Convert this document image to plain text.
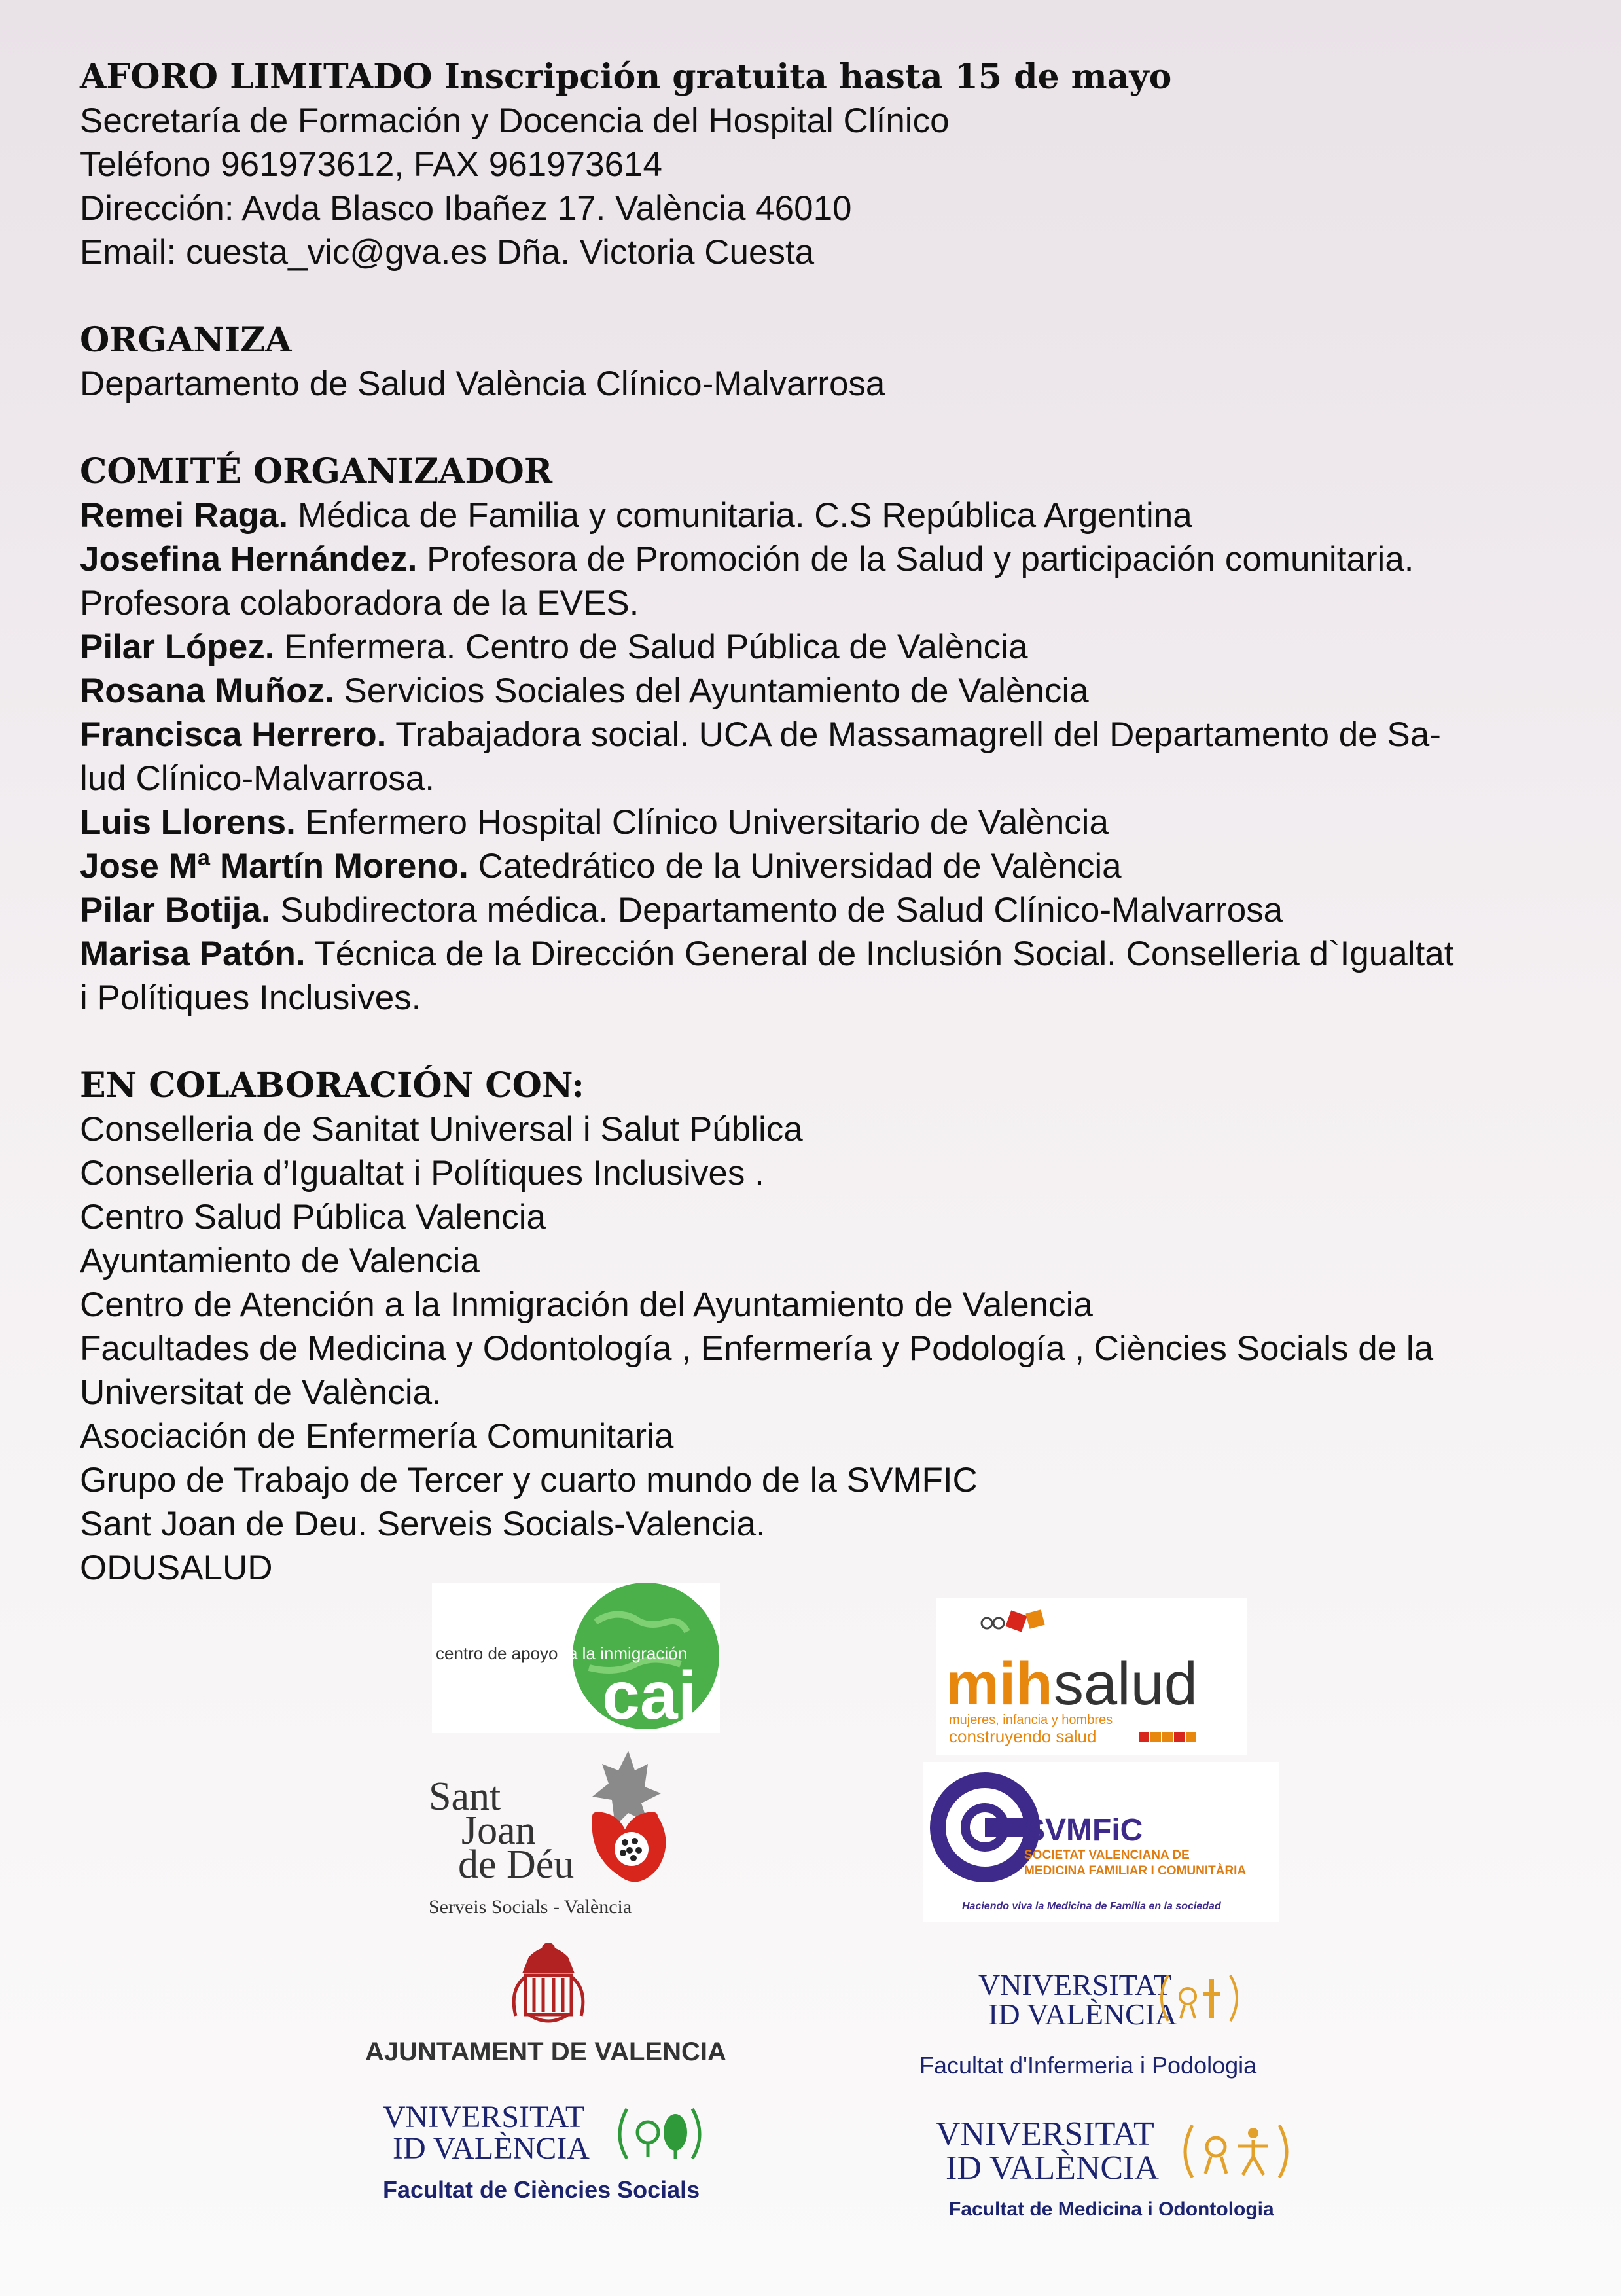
AFORO LIMITADO Inscripción gratuita hasta 15 de mayo

Secretaría de Formación y Docencia del Hospital Clínico

Teléfono 961973612, FAX 961973614

Dirección: Avda Blasco Ibañez 17. València 46010

Email: cuesta_vic@gva.es Dña. Victoria Cuesta

ORGANIZA

Departamento de Salud València Clínico-Malvarrosa

COMITÉ ORGANIZADOR

Remei Raga. Médica de Familia y comunitaria. C.S República Argentina

Josefina Hernández. Profesora de Promoción de la Salud y participación comunitaria.

Profesora colaboradora de la EVES.

Pilar López. Enfermera. Centro de Salud Pública de València

Rosana Muñoz. Servicios Sociales del Ayuntamiento de València

Francisca Herrero. Trabajadora social. UCA de Massamagrell del Departamento de Sa-

lud Clínico-Malvarrosa.

Luis Llorens. Enfermero Hospital Clínico Universitario de València

Jose Mª Martín Moreno. Catedrático de la Universidad de València

Pilar Botija. Subdirectora médica. Departamento de Salud Clínico-Malvarrosa

Marisa Patón. Técnica de la Dirección General de Inclusión Social. Conselleria d`Igualtat

i Polítiques Inclusives.

EN COLABORACIÓN CON:

Conselleria de Sanitat Universal i Salut Pública

Conselleria d’Igualtat i Polítiques Inclusives .

Centro Salud Pública Valencia

Ayuntamiento de Valencia

Centro de Atención a la Inmigración del Ayuntamiento de Valencia

Facultades de Medicina y Odontología , Enfermería y Podología , Ciències Socials de la

Universitat de València.

Asociación de Enfermería Comunitaria

Grupo de Trabajo de Tercer y cuarto mundo de la SVMFIC

Sant Joan de Deu. Serveis Socials-Valencia.

ODUSALUD

centro de apoyo a la inmigración
cai	mih salud
mujeres, infancia y hombres
construyendo salud
Sant
Joan
de Déu
Serveis Socials - València
SVMFiC
SOCIETAT VALENCIANA DE
MEDICINA FAMILIAR I COMUNITÀRIA
Haciendo viva la Medicina de Familia en la sociedad
AJUNTAMENT DE VALENCIA
VNIVERSITAT
ID VALÈNCIA
Facultat d'Infermeria i Podologia
VNIVERSITAT
ID VALÈNCIA
Facultat de Ciències Socials
VNIVERSITAT
ID VALÈNCIA
Facultat de Medicina i Odontologia
